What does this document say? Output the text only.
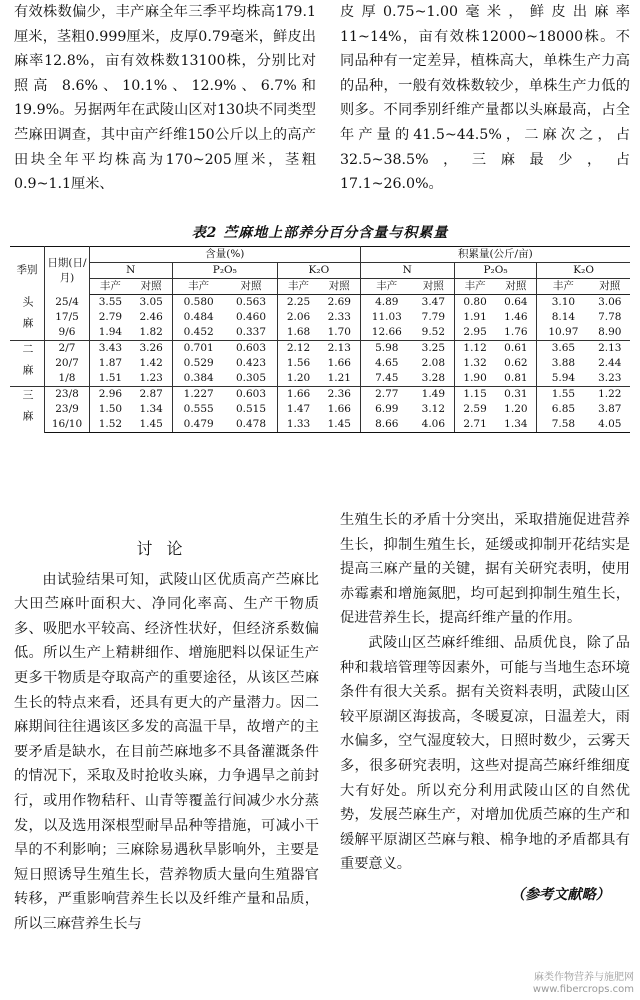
有效株数偏少，丰产麻全年三季平均株高179.1厘米，茎粗0.999厘米，皮厚0.79毫米，鲜皮出麻率12.8%，亩有效株数13100株，分别比对照高 8.6%、10.1%、12.9%、6.7%和19.9%。另据两年在武陵山区对130块不同类型苎麻田调查，其中亩产纤维150公斤以上的高产田块全年平均株高为170~205厘米，茎粗0.9~1.1厘米、

皮厚0.75~1.00毫米，鲜皮出麻率11~14%，亩有效株12000~18000株。不同品种有一定差异，植株高大，单株生产力高的品种，一般有效株数较少，单株生产力低的则多。不同季别纤维产量都以头麻最高，占全年产量的41.5~44.5%，二麻次之，占32.5~38.5%，三麻最少，占17.1~26.0%。

表2 苎麻地上部养分百分含量与积累量
季别	日期(日/月)	含量(%)						积累量(公斤/亩)					
		N		P₂O₅		K₂O		N		P₂O₅		K₂O	
		丰产	对照	丰产	对照	丰产	对照	丰产	对照	丰产	对照	丰产	对照
头麻	25/4	3.55	3.05	0.580	0.563	2.25	2.69	4.89	3.47	0.80	0.64	3.10	3.06
	17/5	2.79	2.46	0.484	0.460	2.06	2.33	11.03	7.79	1.91	1.46	8.14	7.78
	9/6	1.94	1.82	0.452	0.337	1.68	1.70	12.66	9.52	2.95	1.76	10.97	8.90
二麻	2/7	3.43	3.26	0.701	0.603	2.12	2.13	5.98	3.25	1.12	0.61	3.65	2.13
	20/7	1.87	1.42	0.529	0.423	1.56	1.66	4.65	2.08	1.32	0.62	3.88	2.44
	1/8	1.51	1.23	0.384	0.305	1.20	1.21	7.45	3.28	1.90	0.81	5.94	3.23
三麻	23/8	2.96	2.87	1.227	0.603	1.66	2.36	2.77	1.49	1.15	0.31	1.55	1.22
	23/9	1.50	1.34	0.555	0.515	1.47	1.66	6.99	3.12	2.59	1.20	6.85	3.87
	16/10	1.52	1.45	0.479	0.478	1.33	1.45	8.66	4.06	2.71	1.34	7.58	4.05

讨论

由试验结果可知，武陵山区优质高产苎麻比大田苎麻叶面积大、净同化率高、生产干物质多、吸肥水平较高、经济性状好，但经济系数偏低。所以生产上精耕细作、增施肥料以保证生产更多干物质是夺取高产的重要途径，从该区苎麻生长的特点来看，还具有更大的产量潜力。因二麻期间往往遇该区多发的高温干旱，故增产的主要矛盾是缺水，在目前苎麻地多不具备灌溉条件的情况下，采取及时抢收头麻，力争遇旱之前封行，或用作物秸秆、山青等覆盖行间减少水分蒸发，以及选用深根型耐旱品种等措施，可减小干旱的不利影响；三麻除易遇秋旱影响外，主要是短日照诱导生殖生长，营养物质大量向生殖器官转移，严重影响营养生长以及纤维产量和品质，所以三麻营养生长与

生殖生长的矛盾十分突出，采取措施促进营养生长，抑制生殖生长，延缓或抑制开花结实是提高三麻产量的关键，据有关研究表明，使用赤霉素和增施氮肥，均可起到抑制生殖生长，促进营养生长，提高纤维产量的作用。

武陵山区苎麻纤维细、品质优良，除了品种和栽培管理等因素外，可能与当地生态环境条件有很大关系。据有关资料表明，武陵山区较平原湖区海拔高，冬暖夏凉，日温差大，雨水偏多，空气湿度较大，日照时数少，云雾天多，很多研究表明，这些对提高苎麻纤维细度大有好处。所以充分利用武陵山区的自然优势，发展苎麻生产，对增加优质苎麻的生产和缓解平原湖区苎麻与粮、棉争地的矛盾都具有重要意义。

（参考文献略）

麻类作物营养与施肥网
www.fibercrops.com
